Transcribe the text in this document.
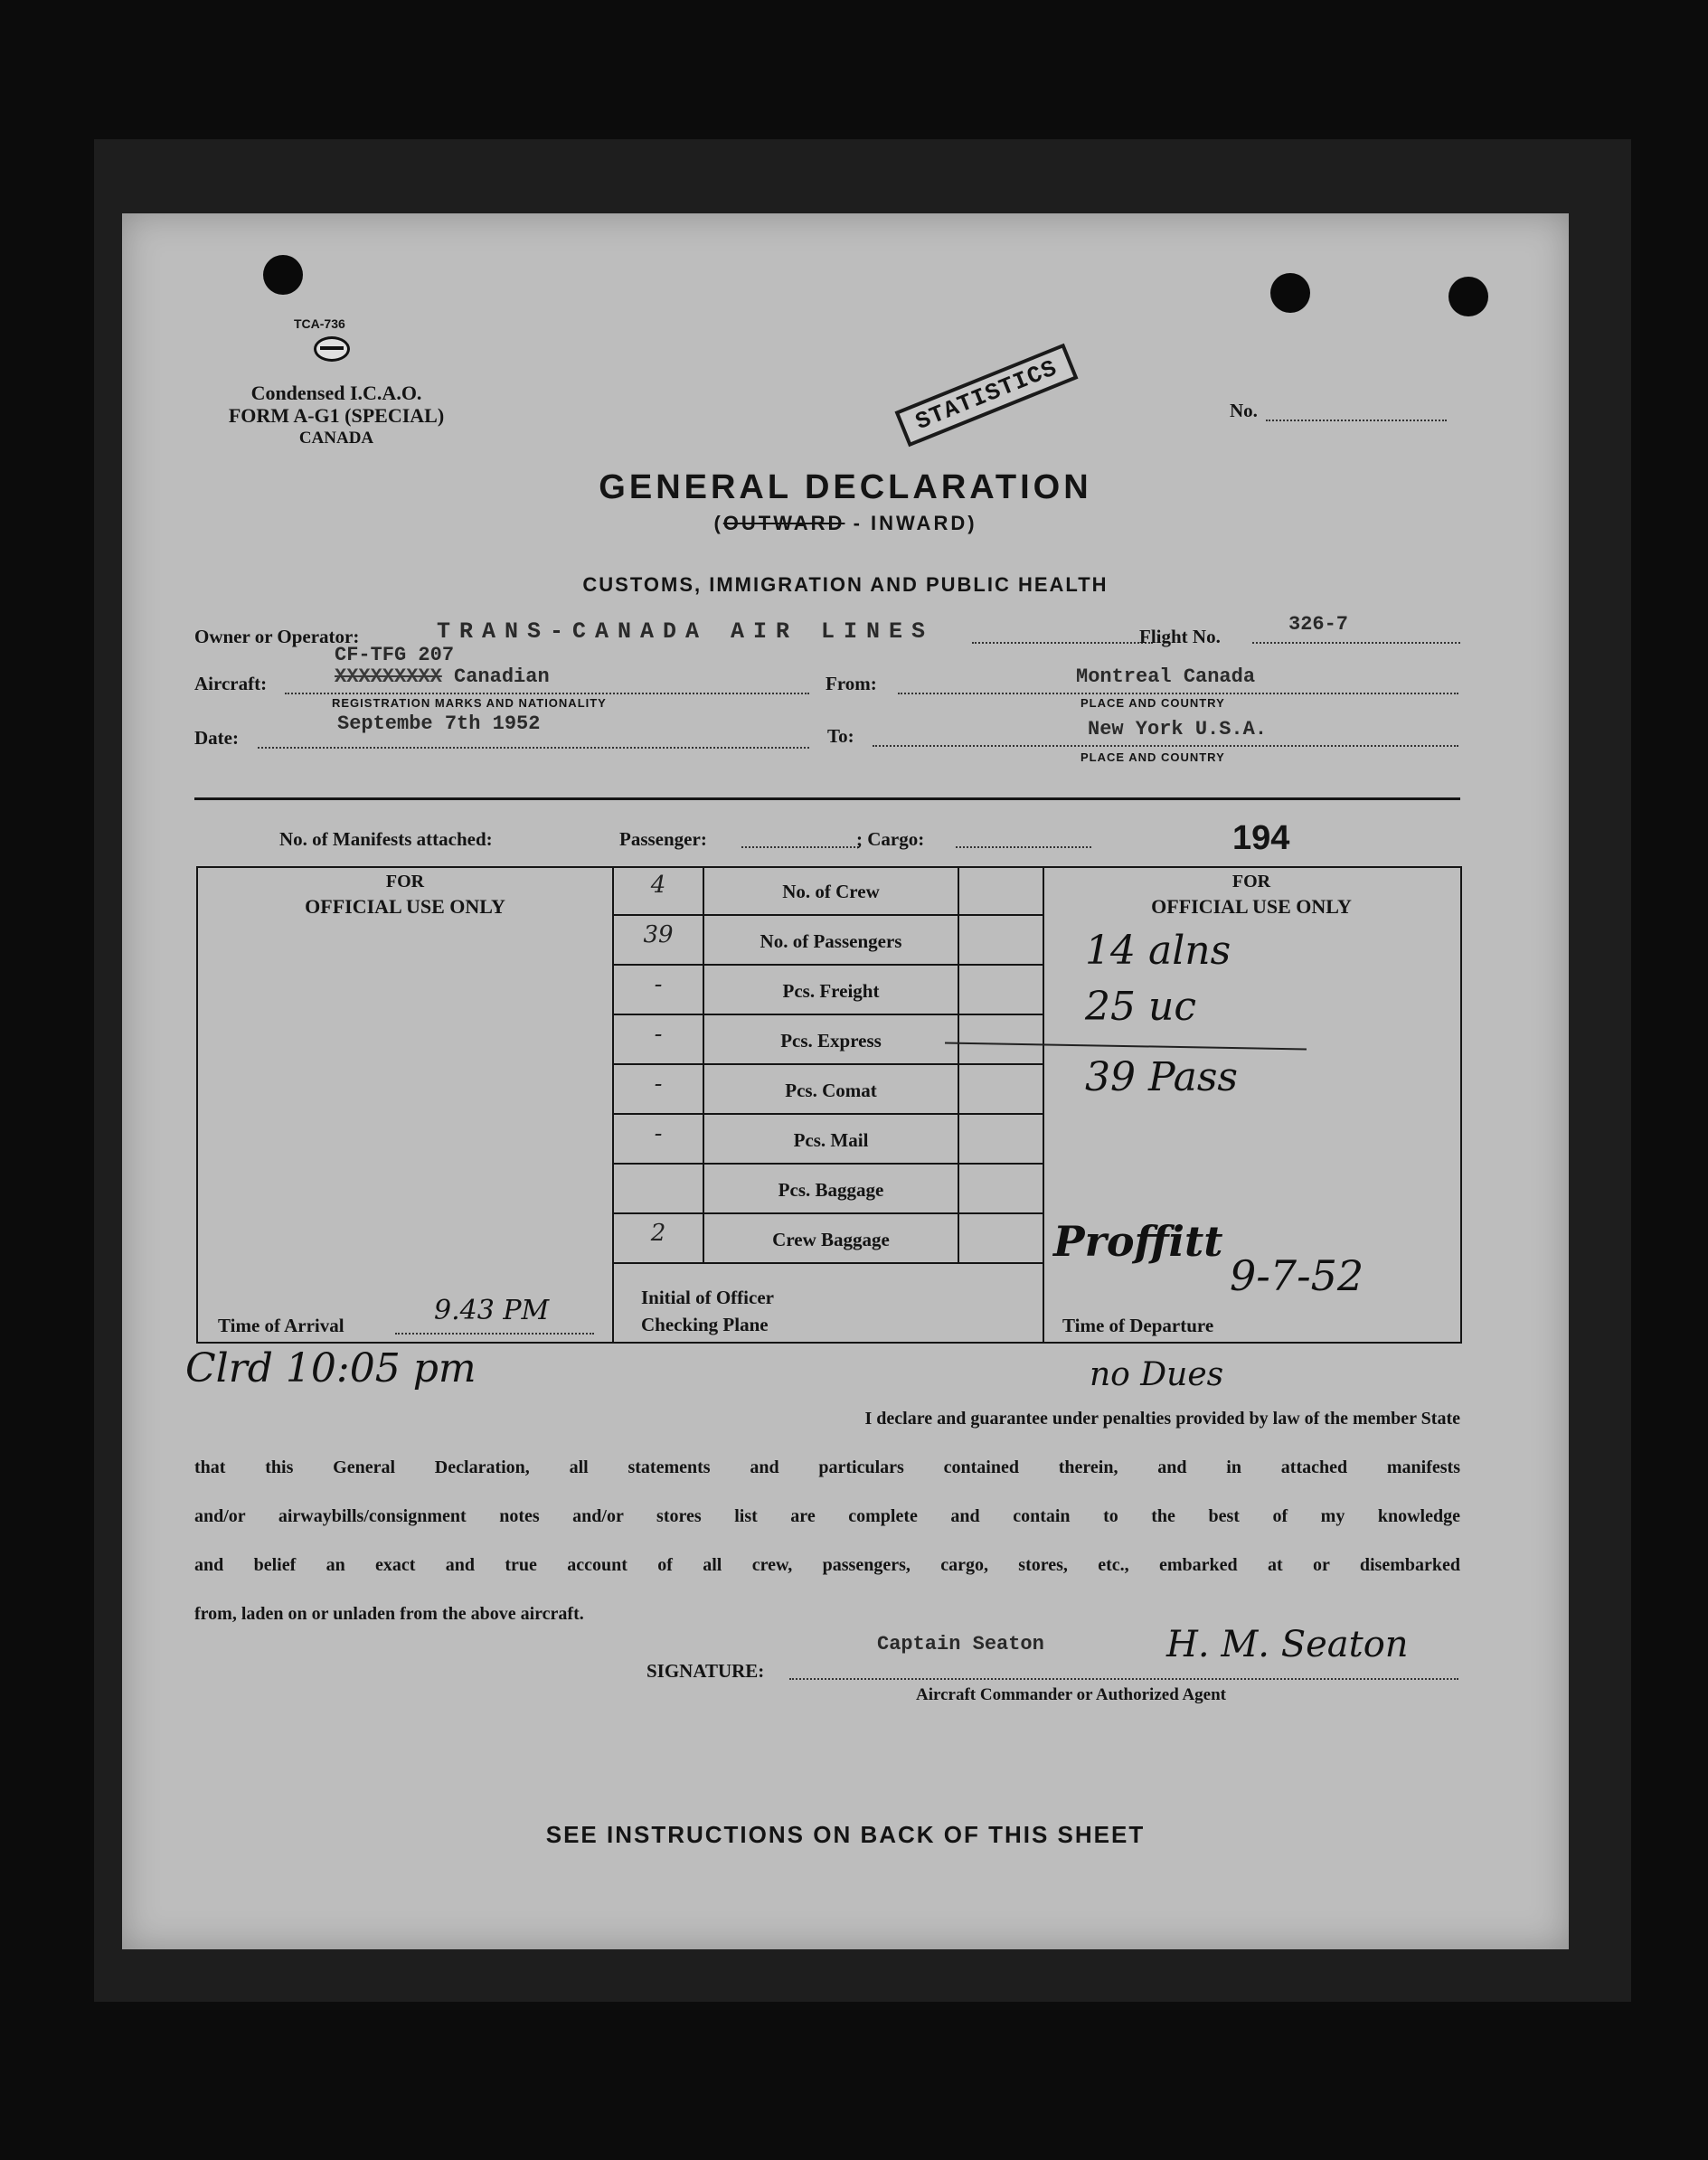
TCA-736
Condensed I.C.A.O.
FORM A-G1 (SPECIAL)
CANADA
STATISTICS	No.
GENERAL DECLARATION
(OUTWARD - INWARD)
CUSTOMS, IMMIGRATION AND PUBLIC HEALTH
Owner or Operator:	TRANS-CANADA AIR LINES	Flight No.
326-7
Aircraft:
CF-TFG 207
XXXXXXXXX Canadian
REGISTRATION MARKS AND NATIONALITY
From:	Montreal Canada
PLACE AND COUNTRY
Date:
Septembe 7th 1952
To:	New York U.S.A.
PLACE AND COUNTRY
No. of Manifests attached:	Passenger:	; Cargo:	194
FOR
OFFICIAL USE ONLY
Time of Arrival	9.43 PM
4	No. of Crew
39	No. of Passengers
-	Pcs. Freight
-	Pcs. Express
-	Pcs. Comat
-	Pcs. Mail
Pcs. Baggage
2	Crew Baggage
Initial of Officer
Checking Plane
FOR
OFFICIAL USE ONLY
14 alns
25 uc
39 Pass
Proffitt
9-7-52
Time of Departure
Clrd 10:05 pm	no Dues
I declare and guarantee under penalties provided by law of the member State
that this General Declaration, all statements and particulars contained therein, and in attached manifests
and/or airwaybills/consignment notes and/or stores list are complete and contain to the best of my knowledge
and belief an exact and true account of all crew, passengers, cargo, stores, etc., embarked at or disembarked
from, laden on or unladen from the above aircraft.
Captain Seaton
SIGNATURE:
H. M. Seaton
Aircraft Commander or Authorized Agent
SEE INSTRUCTIONS ON BACK OF THIS SHEET
